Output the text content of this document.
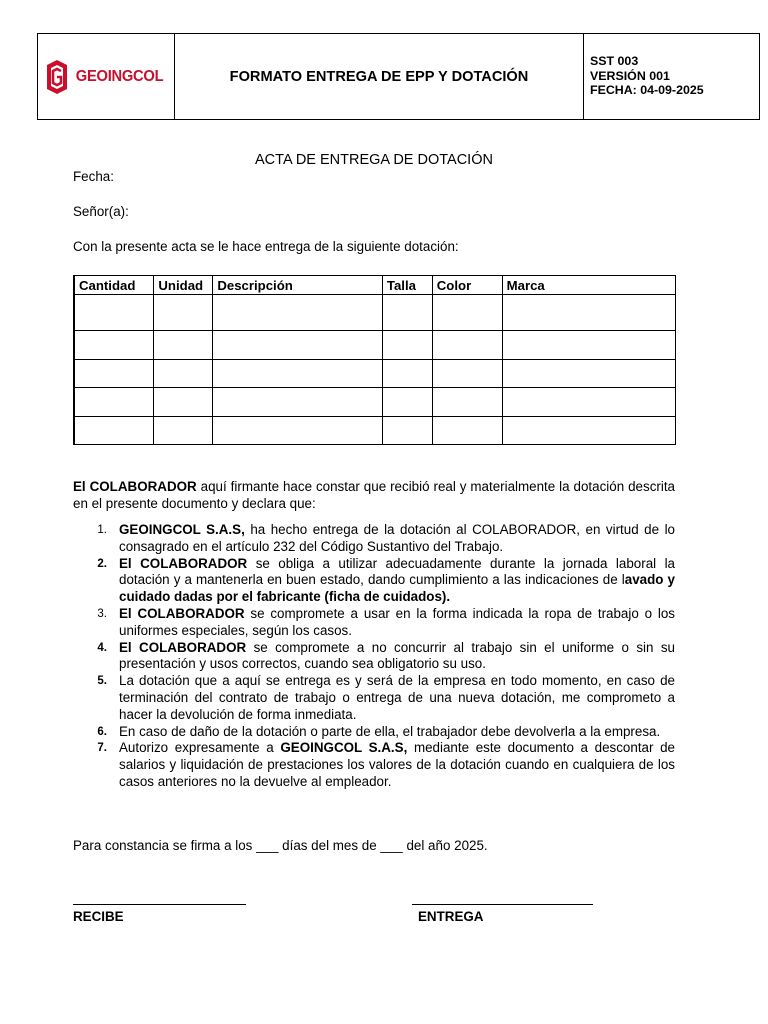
GEOINGCOL	FORMATO ENTREGA DE EPP Y DOTACIÓN
SST 003
VERSIÓN 001
FECHA: 04-09-2025
ACTA DE ENTREGA DE DOTACIÓN
Fecha:
Señor(a):
Con la presente acta se le hace entrega de la siguiente dotación:
Cantidad	Unidad	Descripción	Talla	Color	Marca

El COLABORADOR aquí firmante hace constar que recibió real y materialmente la dotación descrita en el presente documento y declara que:
1. GEOINGCOL S.A.S, ha hecho entrega de la dotación al COLABORADOR, en virtud de lo consagrado en el artículo 232 del Código Sustantivo del Trabajo.
2. El COLABORADOR se obliga a utilizar adecuadamente durante la jornada laboral la dotación y a mantenerla en buen estado, dando cumplimiento a las indicaciones de lavado y cuidado dadas por el fabricante (ficha de cuidados).
3. El COLABORADOR se compromete a usar en la forma indicada la ropa de trabajo o los uniformes especiales, según los casos.
4. El COLABORADOR se compromete a no concurrir al trabajo sin el uniforme o sin su presentación y usos correctos, cuando sea obligatorio su uso.
5. La dotación que a aquí se entrega es y será de la empresa en todo momento, en caso de terminación del contrato de trabajo o entrega de una nueva dotación, me comprometo a hacer la devolución de forma inmediata.
6. En caso de daño de la dotación o parte de ella, el trabajador debe devolverla a la empresa.
7. Autorizo expresamente a GEOINGCOL S.A.S, mediante este documento a descontar de salarios y liquidación de prestaciones los valores de la dotación cuando en cualquiera de los casos anteriores no la devuelve al empleador.
Para constancia se firma a los ___ días del mes de ___ del año 2025.
RECIBE	ENTREGA
